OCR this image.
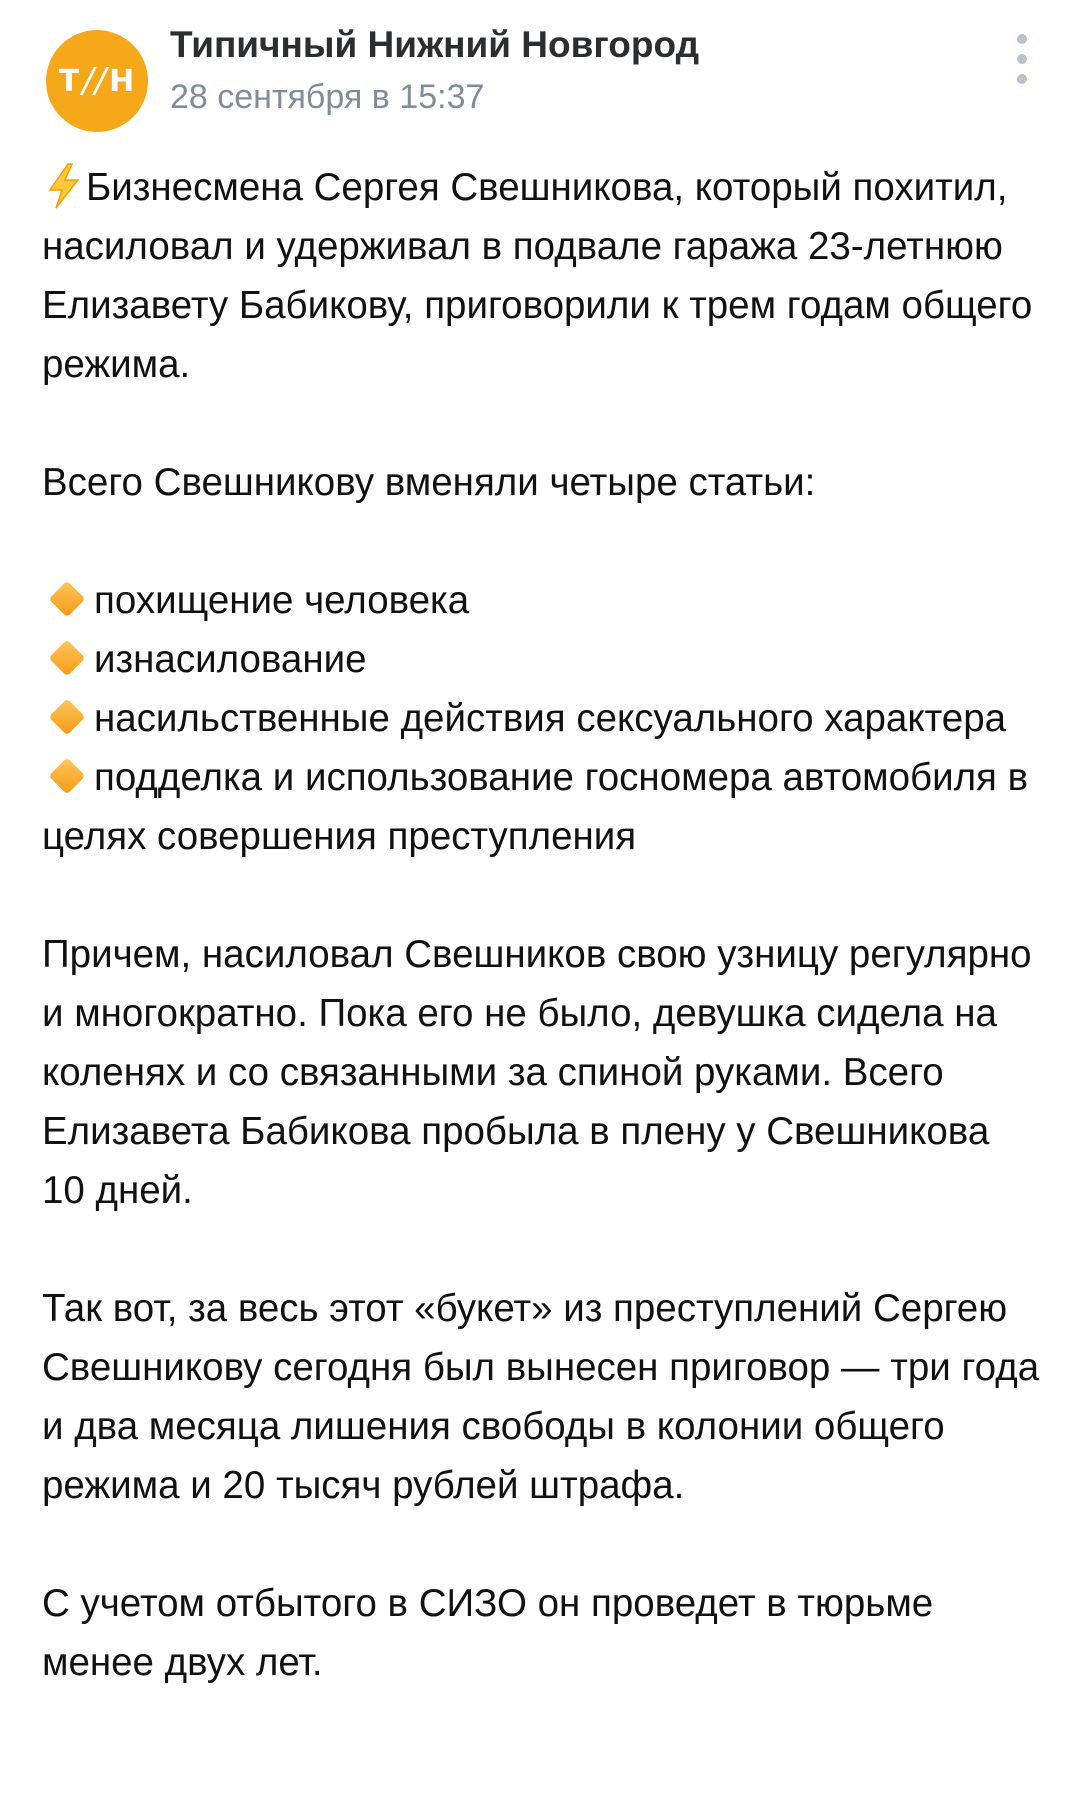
Т // Н
Типичный Нижний Новгород
28 сентября в 15:37

Бизнесмена Сергея Свешникова, который похитил, насиловал и удерживал в подвале гаража 23-летнюю Елизавету Бабикову, приговорили к трем годам общего режима.

Всего Свешникову вменяли четыре статьи:

похищение человека

изнасилование

насильственные действия сексуального характера

подделка и использование госномера автомобиля в целях совершения преступления

Причем, насиловал Свешников свою узницу регулярно и многократно. Пока его не было, девушка сидела на коленях и со связанными за спиной руками. Всего Елизавета Бабикова пробыла в плену у Свешникова 10 дней.

Так вот, за весь этот «букет» из преступлений Сергею Свешникову сегодня был вынесен приговор — три года и два месяца лишения свободы в колонии общего режима и 20 тысяч рублей штрафа.

С учетом отбытого в СИЗО он проведет в тюрьме менее двух лет.
